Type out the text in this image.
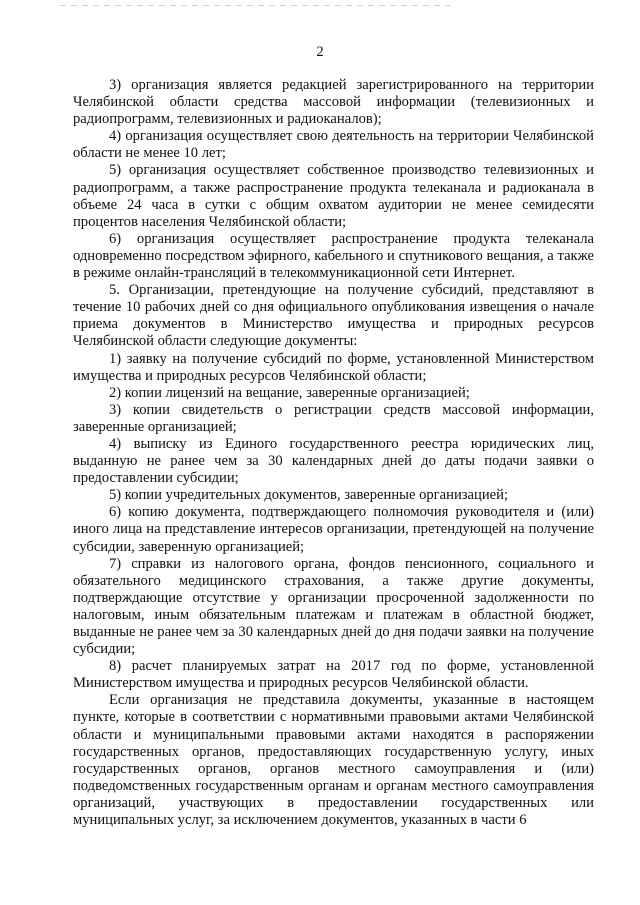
2

3) организация является редакцией зарегистрированного на территории Челябинской области средства массовой информации (телевизионных и радиопрограмм, телевизионных и радиоканалов);

4) организация осуществляет свою деятельность на территории Челябинской области не менее 10 лет;

5) организация осуществляет собственное производство телевизионных и радиопрограмм, а также распространение продукта телеканала и радиоканала в объеме 24 часа в сутки с общим охватом аудитории не менее семидесяти процентов населения Челябинской области;

6) организация осуществляет распространение продукта телеканала одновременно посредством эфирного, кабельного и спутникового вещания, а также в режиме онлайн-трансляций в телекоммуникационной сети Интернет.

5. Организации, претендующие на получение субсидий, представляют в течение 10 рабочих дней со дня официального опубликования извещения о начале приема документов в Министерство имущества и природных ресурсов Челябинской области следующие документы:

1) заявку на получение субсидий по форме, установленной Министерством имущества и природных ресурсов Челябинской области;

2) копии лицензий на вещание, заверенные организацией;

3) копии свидетельств о регистрации средств массовой информации, заверенные организацией;

4) выписку из Единого государственного реестра юридических лиц, выданную не ранее чем за 30 календарных дней до даты подачи заявки о предоставлении субсидии;

5) копии учредительных документов, заверенные организацией;

6) копию документа, подтверждающего полномочия руководителя и (или) иного лица на представление интересов организации, претендующей на получение субсидии, заверенную организацией;

7) справки из налогового органа, фондов пенсионного, социального и обязательного медицинского страхования, а также другие документы, подтверждающие отсутствие у организации просроченной задолженности по налоговым, иным обязательным платежам и платежам в областной бюджет, выданные не ранее чем за 30 календарных дней до дня подачи заявки на получение субсидии;

8) расчет планируемых затрат на 2017 год по форме, установленной Министерством имущества и природных ресурсов Челябинской области.

Если организация не представила документы, указанные в настоящем пункте, которые в соответствии с нормативными правовыми актами Челябинской области и муниципальными правовыми актами находятся в распоряжении государственных органов, предоставляющих государственную услугу, иных государственных органов, органов местного самоуправления и (или) подведомственных государственным органам и органам местного самоуправления организаций, участвующих в предоставлении государственных или муниципальных услуг, за исключением документов, указанных в части 6
